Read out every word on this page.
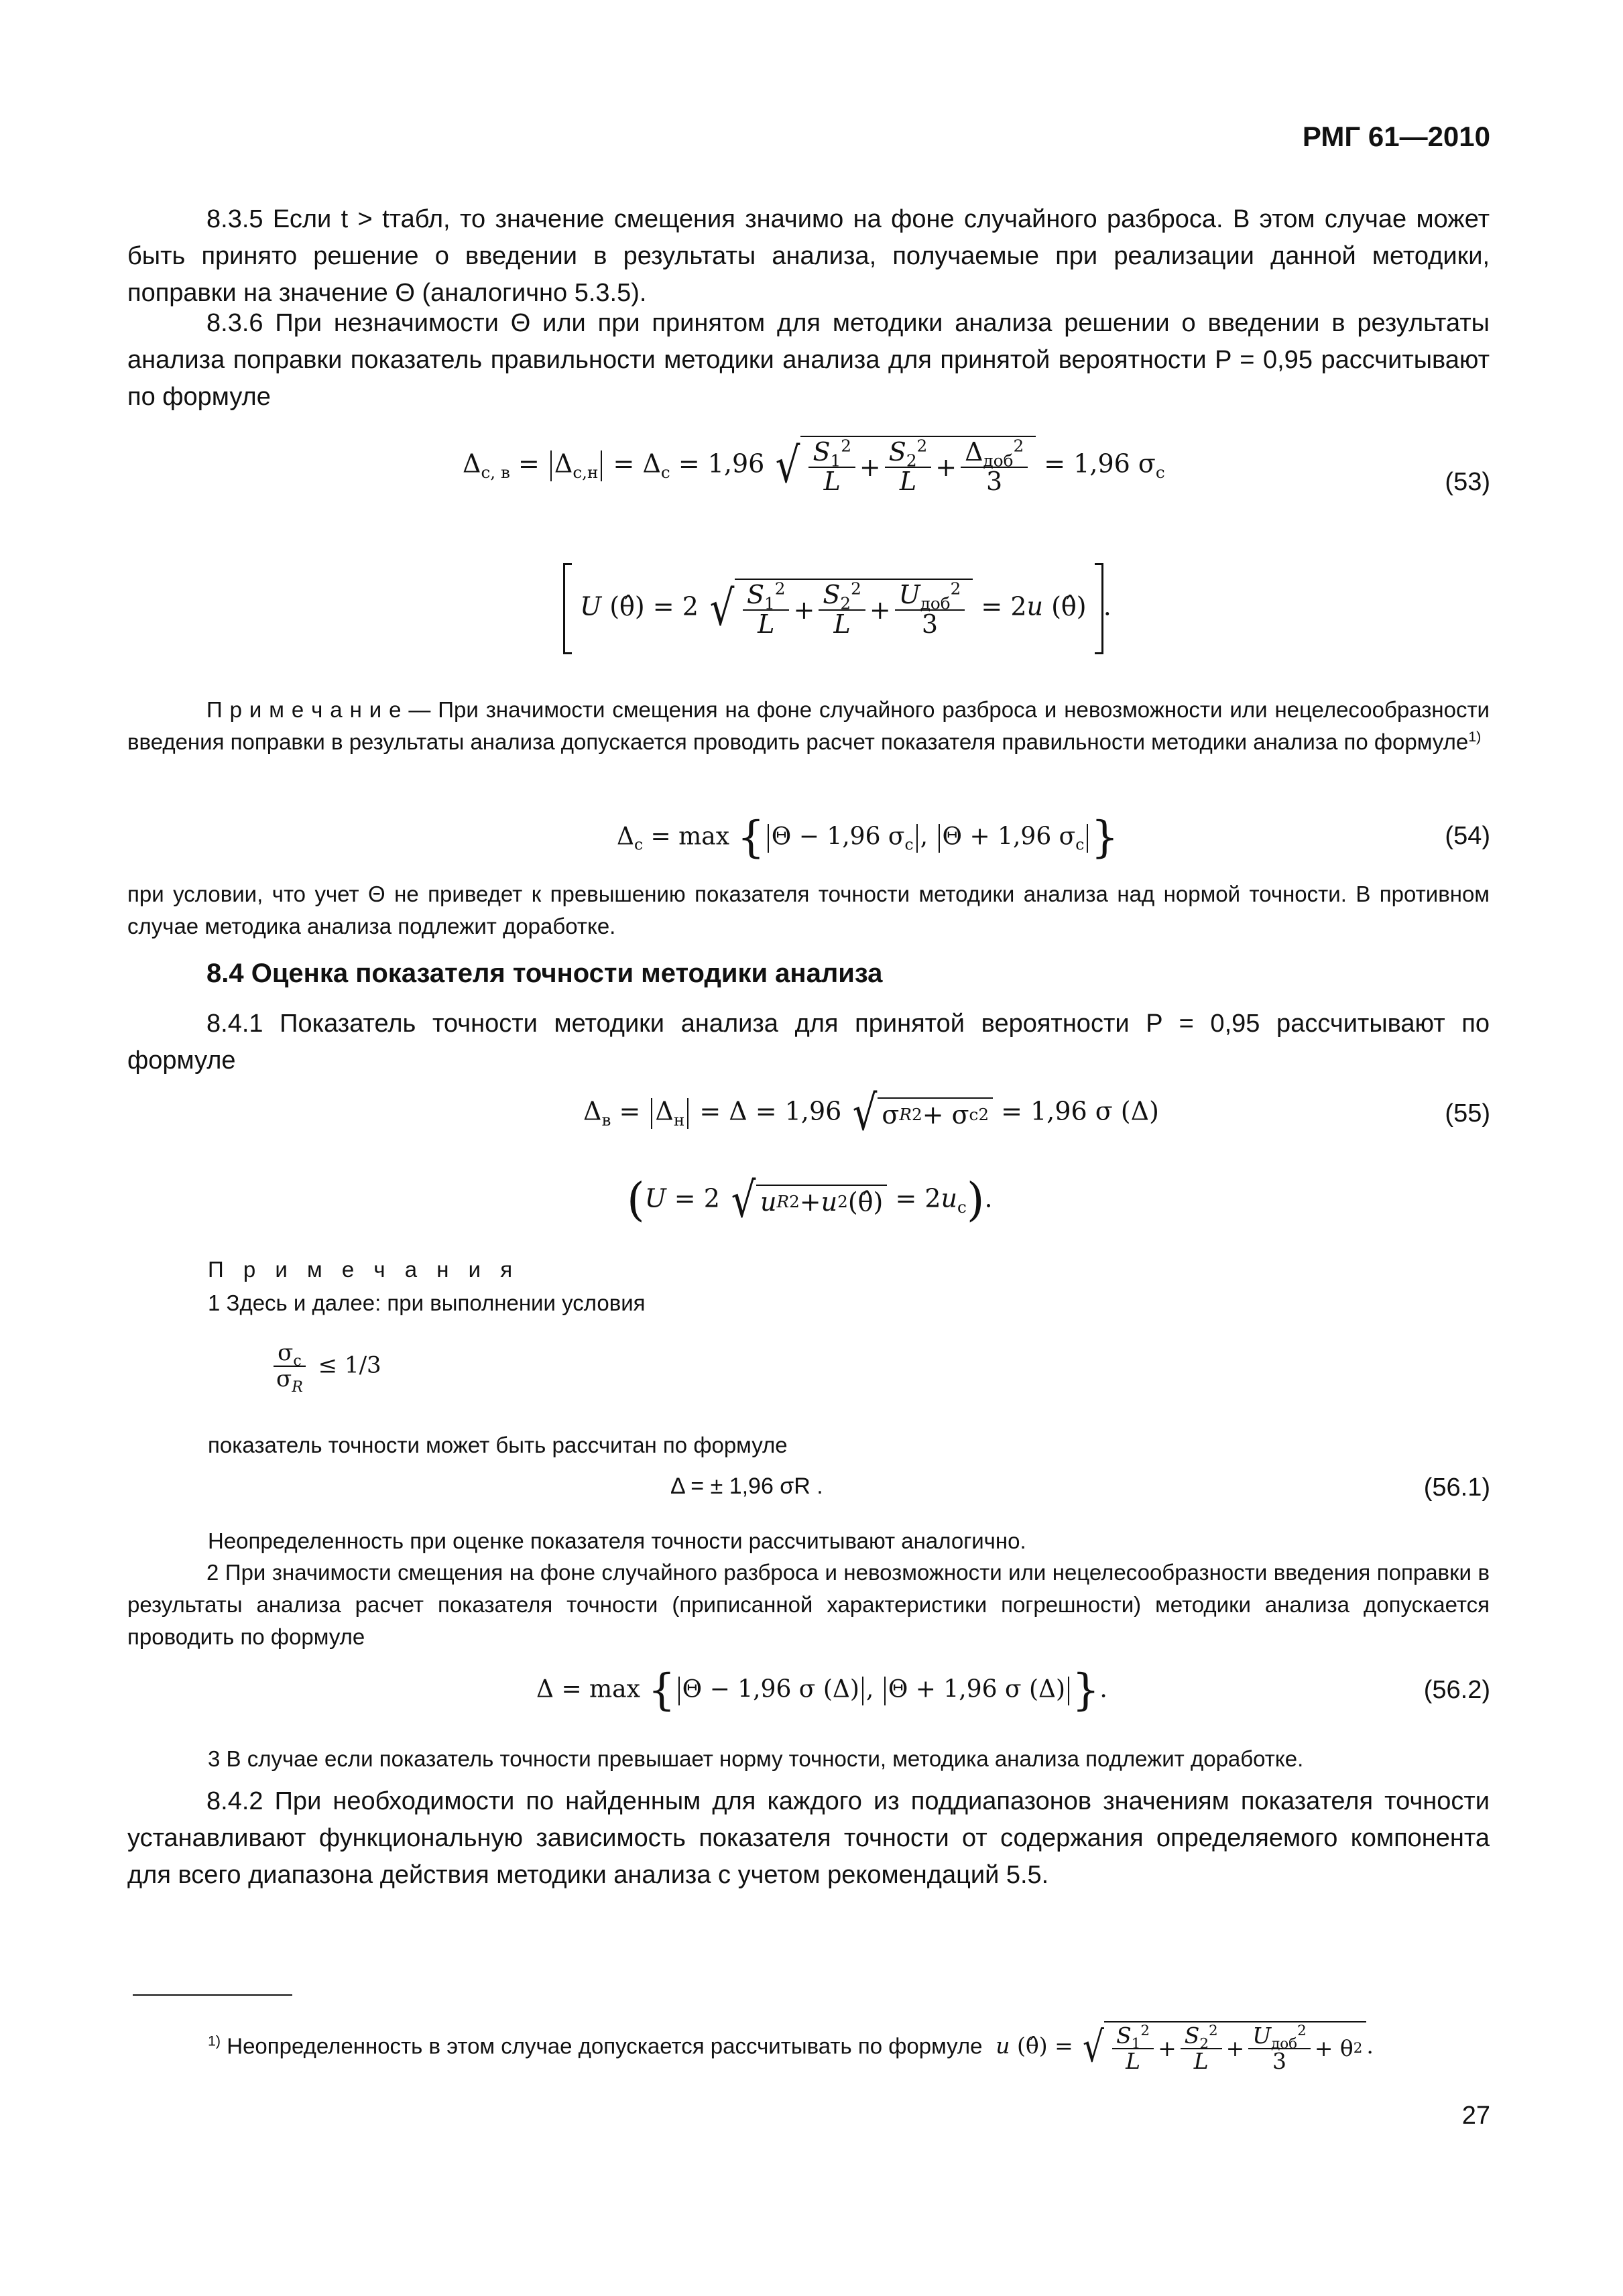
РМГ 61—2010
8.3.5 Если t > tтабл, то значение смещения значимо на фоне случайного разброса. В этом случае может быть принято решение о введении в результаты анализа, получаемые при реализации данной методики, поправки на значение Θ (аналогично 5.3.5).
8.3.6 При незначимости Θ или при принятом для методики анализа решении о введении в результаты анализа поправки показатель правильности методики анализа для принятой вероятности P = 0,95 рассчитывают по формуле
$\Delta_{с, в} = \Delta_{с,н} = \Delta_с = 1,96$ √ $\frac{S_1^2}{L} + \frac{S_2^2}{L} + \frac{\Delta_{доб}^2}{3} = 1,96$ $\sigma_с$	(53)
U (θ̂) = 2 √ $\frac{S_1^2}{L} + \frac{S_2^2}{L} + \frac{U_{доб}^2}{3} = 2u$ (θ̂) .
П р и м е ч а н и е — При значимости смещения на фоне случайного разброса и невозможности или нецелесообразности введения поправки в результаты анализа допускается проводить расчет показателя правильности методики анализа по формуле$^{1)}$
$\Delta_с = \max$ { Θ − 1,96 $\sigma_с$ , Θ + 1,96 $\sigma_с$ }	(54)
при условии, что учет Θ не приведет к превышению показателя точности методики анализа над нормой точности. В противном случае методика анализа подлежит доработке.
8.4 Оценка показателя точности методики анализа
8.4.1 Показатель точности методики анализа для принятой вероятности P = 0,95 рассчитывают по формуле
$\Delta_в = \Delta_н = \Delta = 1,96$ √ σ R 2 + σ с 2 = 1,96 σ (Δ)	(55)
(U = 2 √ u R 2 + u 2 (θ̂) = $2u_с$).
П р и м е ч а н и я
1 Здесь и далее: при выполнении условия
$\frac{\sigma_с}{\sigma_R} \le 1/3$
показатель точности может быть рассчитан по формуле
Δ = ± 1,96 σR .	(56.1)
Неопределенность при оценке показателя точности рассчитывают аналогично.
2 При значимости смещения на фоне случайного разброса и невозможности или нецелесообразности введения поправки в результаты анализа расчет показателя точности (приписанной характеристики погрешности) методики анализа допускается проводить по формуле
Δ = max { Θ − 1,96 σ (Δ) , Θ + 1,96 σ (Δ) }.	(56.2)
3 В случае если показатель точности превышает норму точности, методика анализа подлежит доработке.
8.4.2 При необходимости по найденным для каждого из поддиапазонов значениям показателя точности устанавливают функциональную зависимость показателя точности от содержания определяемого компонента для всего диапазона действия методики анализа с учетом рекомендаций 5.5.
$^{1)}$ Неопределенность в этом случае допускается рассчитывать по формуле u (θ̂) = √ $\frac{S_1^2}{L} + \frac{S_2^2}{L} + \frac{U_{доб}^2}{3} + \theta$ 2 .
27
